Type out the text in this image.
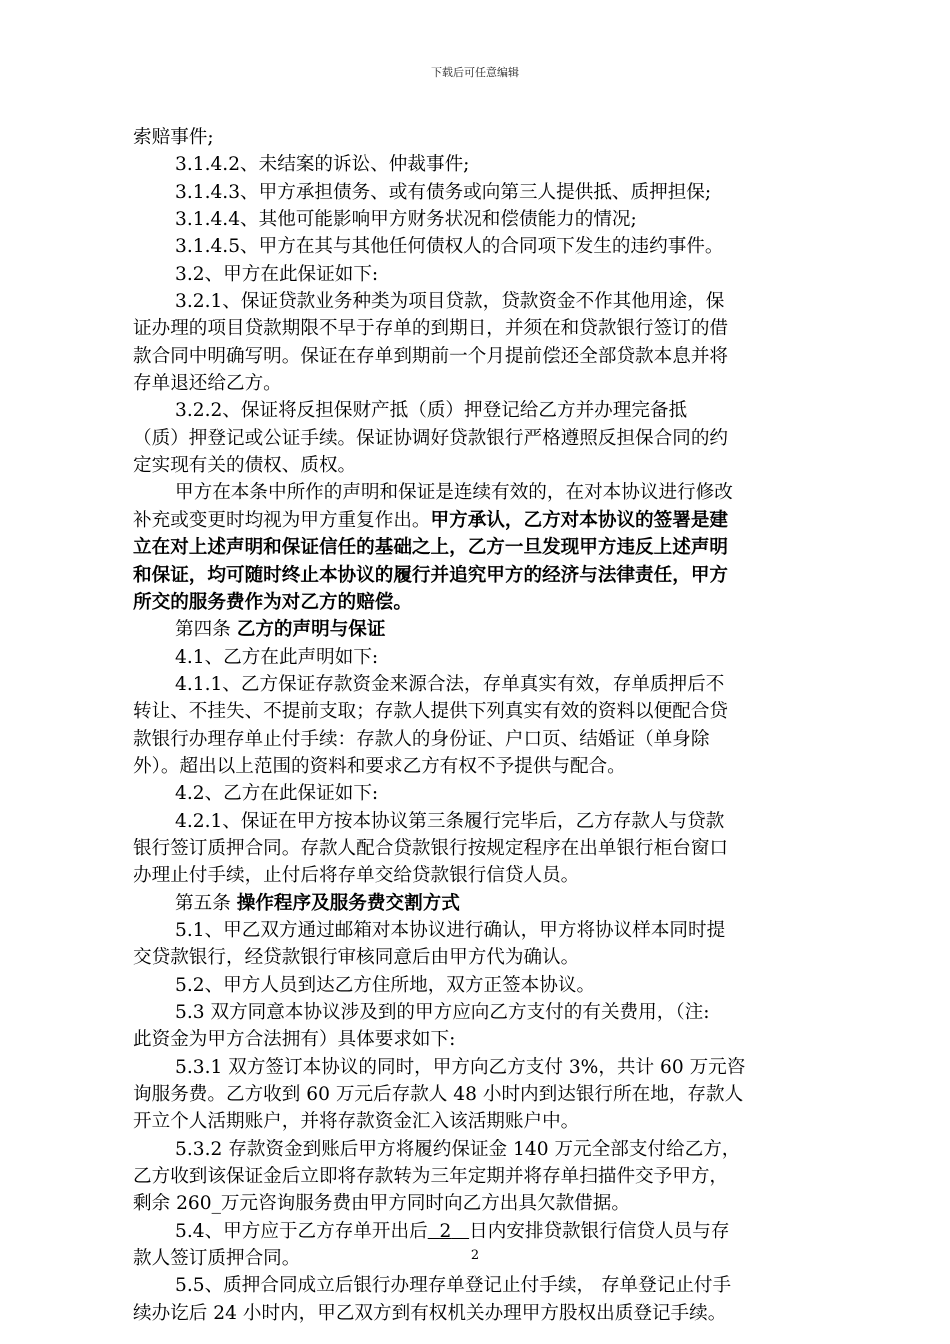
下载后可任意编辑
索赔事件;
3.1.4.2、未结案的诉讼、仲裁事件;
3.1.4.3、甲方承担债务、或有债务或向第三人提供抵、质押担保;
3.1.4.4、其他可能影响甲方财务状况和偿债能力的情况;
3.1.4.5、甲方在其与其他任何债权人的合同项下发生的违约事件。
3.2、甲方在此保证如下:
3.2.1、保证贷款业务种类为项目贷款，贷款资金不作其他用途，保
证办理的项目贷款期限不早于存单的到期日，并须在和贷款银行签订的借
款合同中明确写明。保证在存单到期前一个月提前偿还全部贷款本息并将
存单退还给乙方。
3.2.2、保证将反担保财产抵（质）押登记给乙方并办理完备抵
（质）押登记或公证手续。保证协调好贷款银行严格遵照反担保合同的约
定实现有关的债权、质权。
甲方在本条中所作的声明和保证是连续有效的，在对本协议进行修改
补充或变更时均视为甲方重复作出。甲方承认，乙方对本协议的签署是建
立在对上述声明和保证信任的基础之上，乙方一旦发现甲方违反上述声明
和保证，均可随时终止本协议的履行并追究甲方的经济与法律责任，甲方
所交的服务费作为对乙方的赔偿。
第四条 乙方的声明与保证
4.1、乙方在此声明如下:
4.1.1、乙方保证存款资金来源合法，存单真实有效，存单质押后不
转让、不挂失、不提前支取；存款人提供下列真实有效的资料以便配合贷
款银行办理存单止付手续：存款人的身份证、户口页、结婚证（单身除
外）。超出以上范围的资料和要求乙方有权不予提供与配合。
4.2、乙方在此保证如下:
4.2.1、保证在甲方按本协议第三条履行完毕后，乙方存款人与贷款
银行签订质押合同。存款人配合贷款银行按规定程序在出单银行柜台窗口
办理止付手续，止付后将存单交给贷款银行信贷人员。
第五条 操作程序及服务费交割方式
5.1、甲乙双方通过邮箱对本协议进行确认，甲方将协议样本同时提
交贷款银行，经贷款银行审核同意后由甲方代为确认。
5.2、甲方人员到达乙方住所地，双方正签本协议。
5.3 双方同意本协议涉及到的甲方应向乙方支付的有关费用，（注:
此资金为甲方合法拥有）具体要求如下:
5.3.1 双方签订本协议的同时，甲方向乙方支付 3%，共计 60 万元咨
询服务费。乙方收到 60 万元后存款人 48 小时内到达银行所在地，存款人
开立个人活期账户，并将存款资金汇入该活期账户中。
5.3.2 存款资金到账后甲方将履约保证金 140 万元全部支付给乙方，
乙方收到该保证金后立即将存款转为三年定期并将存单扫描件交予甲方，
剩余 260_万元咨询服务费由甲方同时向乙方出具欠款借据。
5.4、甲方应于乙方存单开出后 2 日内安排贷款银行信贷人员与存
款人签订质押合同。
5.5、质押合同成立后银行办理存单登记止付手续， 存单登记止付手
续办讫后 24 小时内，甲乙双方到有权机关办理甲方股权出质登记手续。
2
